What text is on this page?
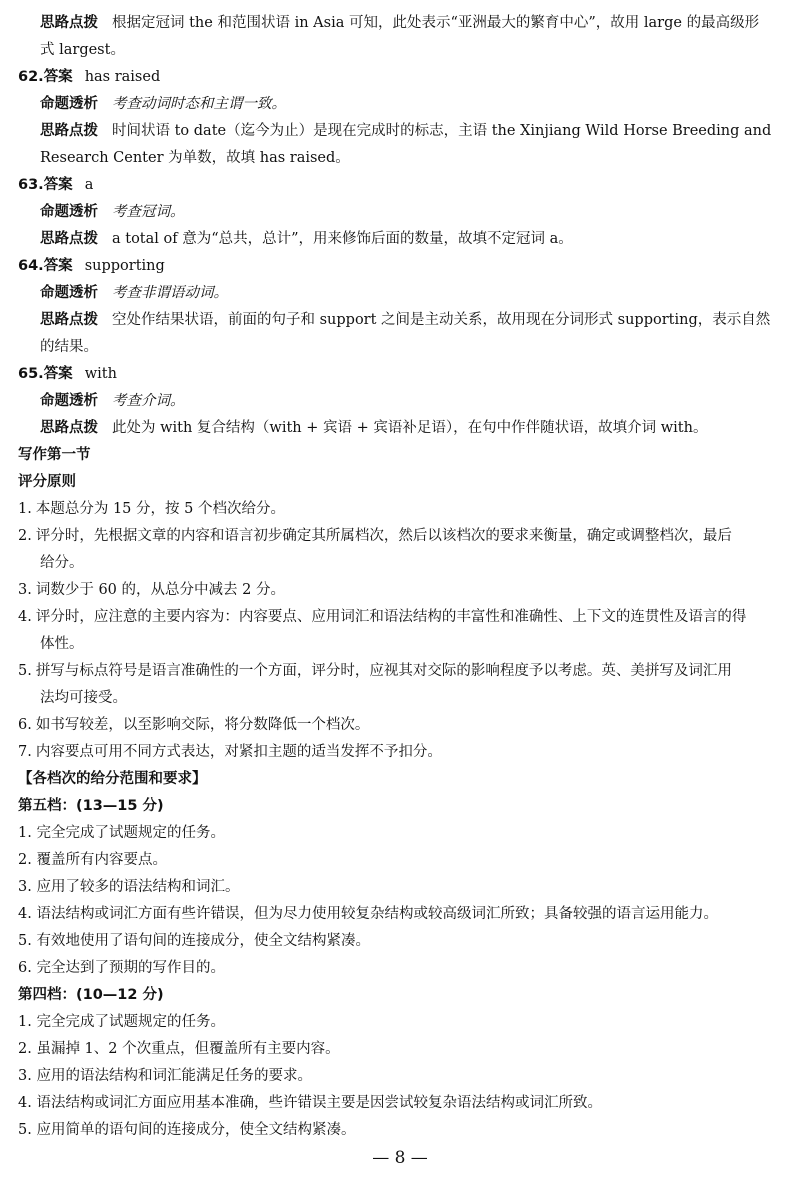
思路点拨 根据定冠词 the 和范围状语 in Asia 可知，此处表示“亚洲最大的繁育中心”，故用 large 的最高级形
式 largest。
62.答案 has raised
命题透析 考查动词时态和主谓一致。
思路点拨 时间状语 to date（迄今为止）是现在完成时的标志，主语 the Xinjiang Wild Horse Breeding and
Research Center 为单数，故填 has raised。
63.答案 a
命题透析 考查冠词。
思路点拨 a total of 意为“总共，总计”，用来修饰后面的数量，故填不定冠词 a。
64.答案 supporting
命题透析 考查非谓语动词。
思路点拨 空处作结果状语，前面的句子和 support 之间是主动关系，故用现在分词形式 supporting，表示自然
的结果。
65.答案 with
命题透析 考查介词。
思路点拨 此处为 with 复合结构（with + 宾语 + 宾语补足语），在句中作伴随状语，故填介词 with。
写作第一节
评分原则
1. 本题总分为 15 分，按 5 个档次给分。
2. 评分时，先根据文章的内容和语言初步确定其所属档次，然后以该档次的要求来衡量，确定或调整档次，最后
给分。
3. 词数少于 60 的，从总分中减去 2 分。
4. 评分时，应注意的主要内容为：内容要点、应用词汇和语法结构的丰富性和准确性、上下文的连贯性及语言的得
体性。
5. 拼写与标点符号是语言准确性的一个方面，评分时，应视其对交际的影响程度予以考虑。英、美拼写及词汇用
法均可接受。
6. 如书写较差，以至影响交际，将分数降低一个档次。
7. 内容要点可用不同方式表达，对紧扣主题的适当发挥不予扣分。
【各档次的给分范围和要求】
第五档：(13—15 分)
1. 完全完成了试题规定的任务。
2. 覆盖所有内容要点。
3. 应用了较多的语法结构和词汇。
4. 语法结构或词汇方面有些许错误，但为尽力使用较复杂结构或较高级词汇所致；具备较强的语言运用能力。
5. 有效地使用了语句间的连接成分，使全文结构紧凑。
6. 完全达到了预期的写作目的。
第四档：(10—12 分)
1. 完全完成了试题规定的任务。
2. 虽漏掉 1、2 个次重点，但覆盖所有主要内容。
3. 应用的语法结构和词汇能满足任务的要求。
4. 语法结构或词汇方面应用基本准确，些许错误主要是因尝试较复杂语法结构或词汇所致。
5. 应用简单的语句间的连接成分，使全文结构紧凑。
— 8 —
